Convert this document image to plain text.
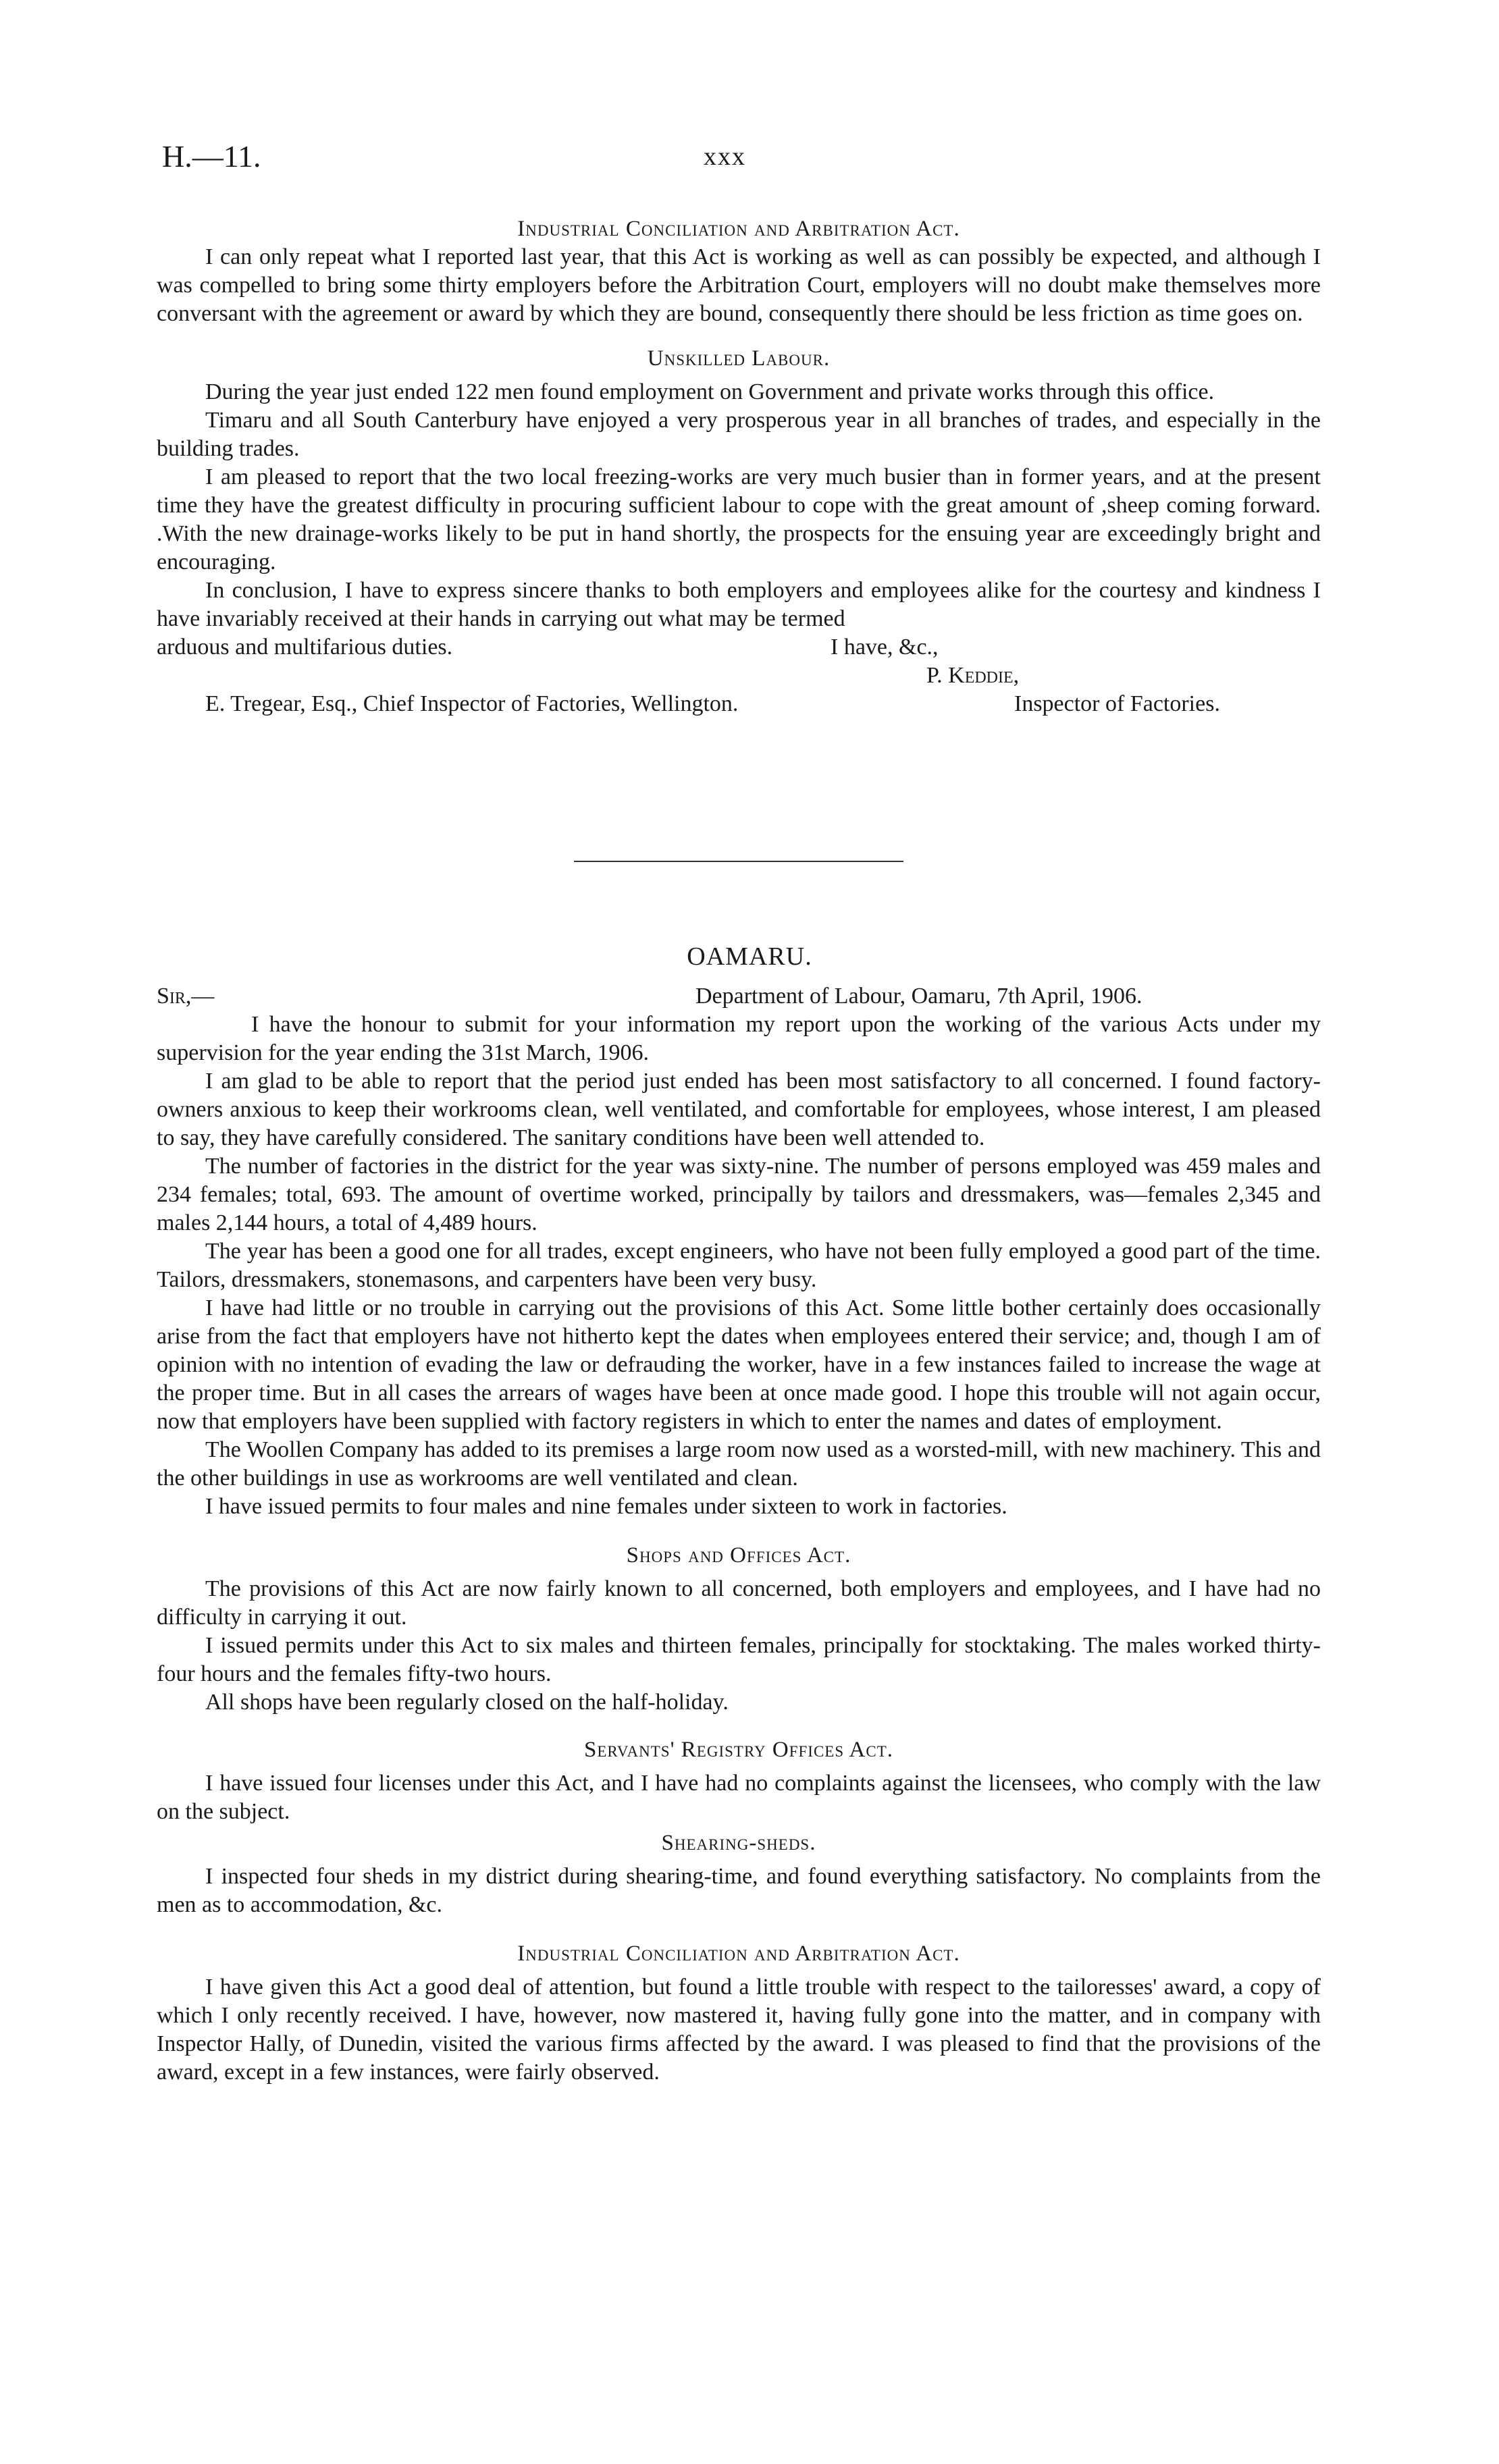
H.—11.	xxx

Industrial Conciliation and Arbitration Act.

I can only repeat what I reported last year, that this Act is working as well as can possibly be expected, and although I was compelled to bring some thirty employers before the Arbitration Court, employers will no doubt make themselves more conversant with the agreement or award by which they are bound, consequently there should be less friction as time goes on.

Unskilled Labour.

During the year just ended 122 men found employment on Government and private works through this office.

Timaru and all South Canterbury have enjoyed a very prosperous year in all branches of trades, and especially in the building trades.

I am pleased to report that the two local freezing-works are very much busier than in former years, and at the present time they have the greatest difficulty in procuring sufficient labour to cope with the great amount of ,sheep coming forward. .With the new drainage-works likely to be put in hand shortly, the prospects for the ensuing year are exceedingly bright and encouraging.

In conclusion, I have to express sincere thanks to both employers and employees alike for the courtesy and kindness I have invariably received at their hands in carrying out what may be termed

arduous and multifarious duties.	I have, &c.,
P. Keddie,
E. Tregear, Esq., Chief Inspector of Factories, Wellington.	Inspector of Factories.
OAMARU.
Sir,—	Department of Labour, Oamaru, 7th April, 1906.

I have the honour to submit for your information my report upon the working of the various Acts under my supervision for the year ending the 31st March, 1906.

I am glad to be able to report that the period just ended has been most satisfactory to all concerned. I found factory-owners anxious to keep their workrooms clean, well ventilated, and comfortable for employees, whose interest, I am pleased to say, they have carefully considered. The sanitary conditions have been well attended to.

The number of factories in the district for the year was sixty-nine. The number of persons employed was 459 males and 234 females; total, 693. The amount of overtime worked, principally by tailors and dressmakers, was—females 2,345 and males 2,144 hours, a total of 4,489 hours.

The year has been a good one for all trades, except engineers, who have not been fully employed a good part of the time. Tailors, dressmakers, stonemasons, and carpenters have been very busy.

I have had little or no trouble in carrying out the provisions of this Act. Some little bother certainly does occasionally arise from the fact that employers have not hitherto kept the dates when employees entered their service; and, though I am of opinion with no intention of evading the law or defrauding the worker, have in a few instances failed to increase the wage at the proper time. But in all cases the arrears of wages have been at once made good. I hope this trouble will not again occur, now that employers have been supplied with factory registers in which to enter the names and dates of employment.

The Woollen Company has added to its premises a large room now used as a worsted-mill, with new machinery. This and the other buildings in use as workrooms are well ventilated and clean.

I have issued permits to four males and nine females under sixteen to work in factories.

Shops and Offices Act.

The provisions of this Act are now fairly known to all concerned, both employers and employees, and I have had no difficulty in carrying it out.

I issued permits under this Act to six males and thirteen females, principally for stocktaking. The males worked thirty-four hours and the females fifty-two hours.

All shops have been regularly closed on the half-holiday.

Servants' Registry Offices Act.

I have issued four licenses under this Act, and I have had no complaints against the licensees, who comply with the law on the subject.

Shearing-sheds.

I inspected four sheds in my district during shearing-time, and found everything satisfactory. No complaints from the men as to accommodation, &c.

Industrial Conciliation and Arbitration Act.

I have given this Act a good deal of attention, but found a little trouble with respect to the tailoresses' award, a copy of which I only recently received. I have, however, now mastered it, having fully gone into the matter, and in company with Inspector Hally, of Dunedin, visited the various firms affected by the award. I was pleased to find that the provisions of the award, except in a few instances, were fairly observed.
